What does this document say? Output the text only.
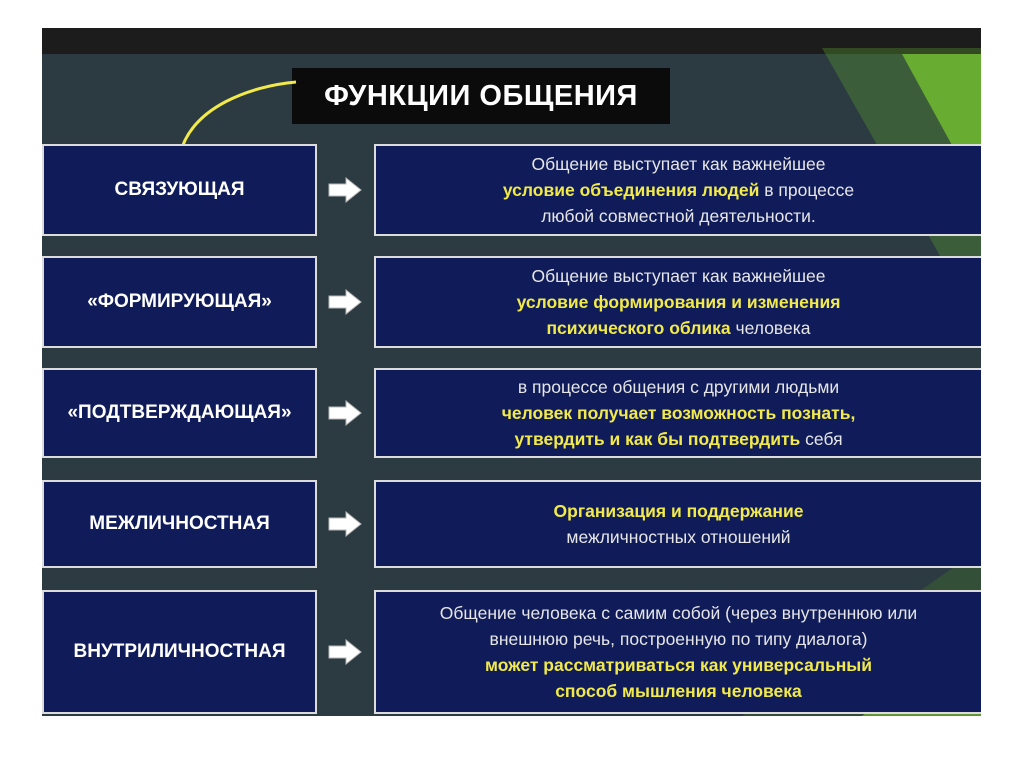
ФУНКЦИИ ОБЩЕНИЯ
СВЯЗУЮЩАЯ
Общение выступает как важнейшее
условие объединения людей в процессе
любой совместной деятельности.
«ФОРМИРУЮЩАЯ»
Общение выступает как важнейшее
условие формирования и изменения
психического облика человека
«ПОДТВЕРЖДАЮЩАЯ»
в процессе общения с другими людьми
человек получает возможность познать,
утвердить и как бы подтвердить себя
МЕЖЛИЧНОСТНАЯ
Организация и поддержание
межличностных отношений
ВНУТРИЛИЧНОСТНАЯ
Общение человека с самим собой (через внутреннюю или
внешнюю речь, построенную по типу диалога)
может рассматриваться как универсальный
способ мышления человека
